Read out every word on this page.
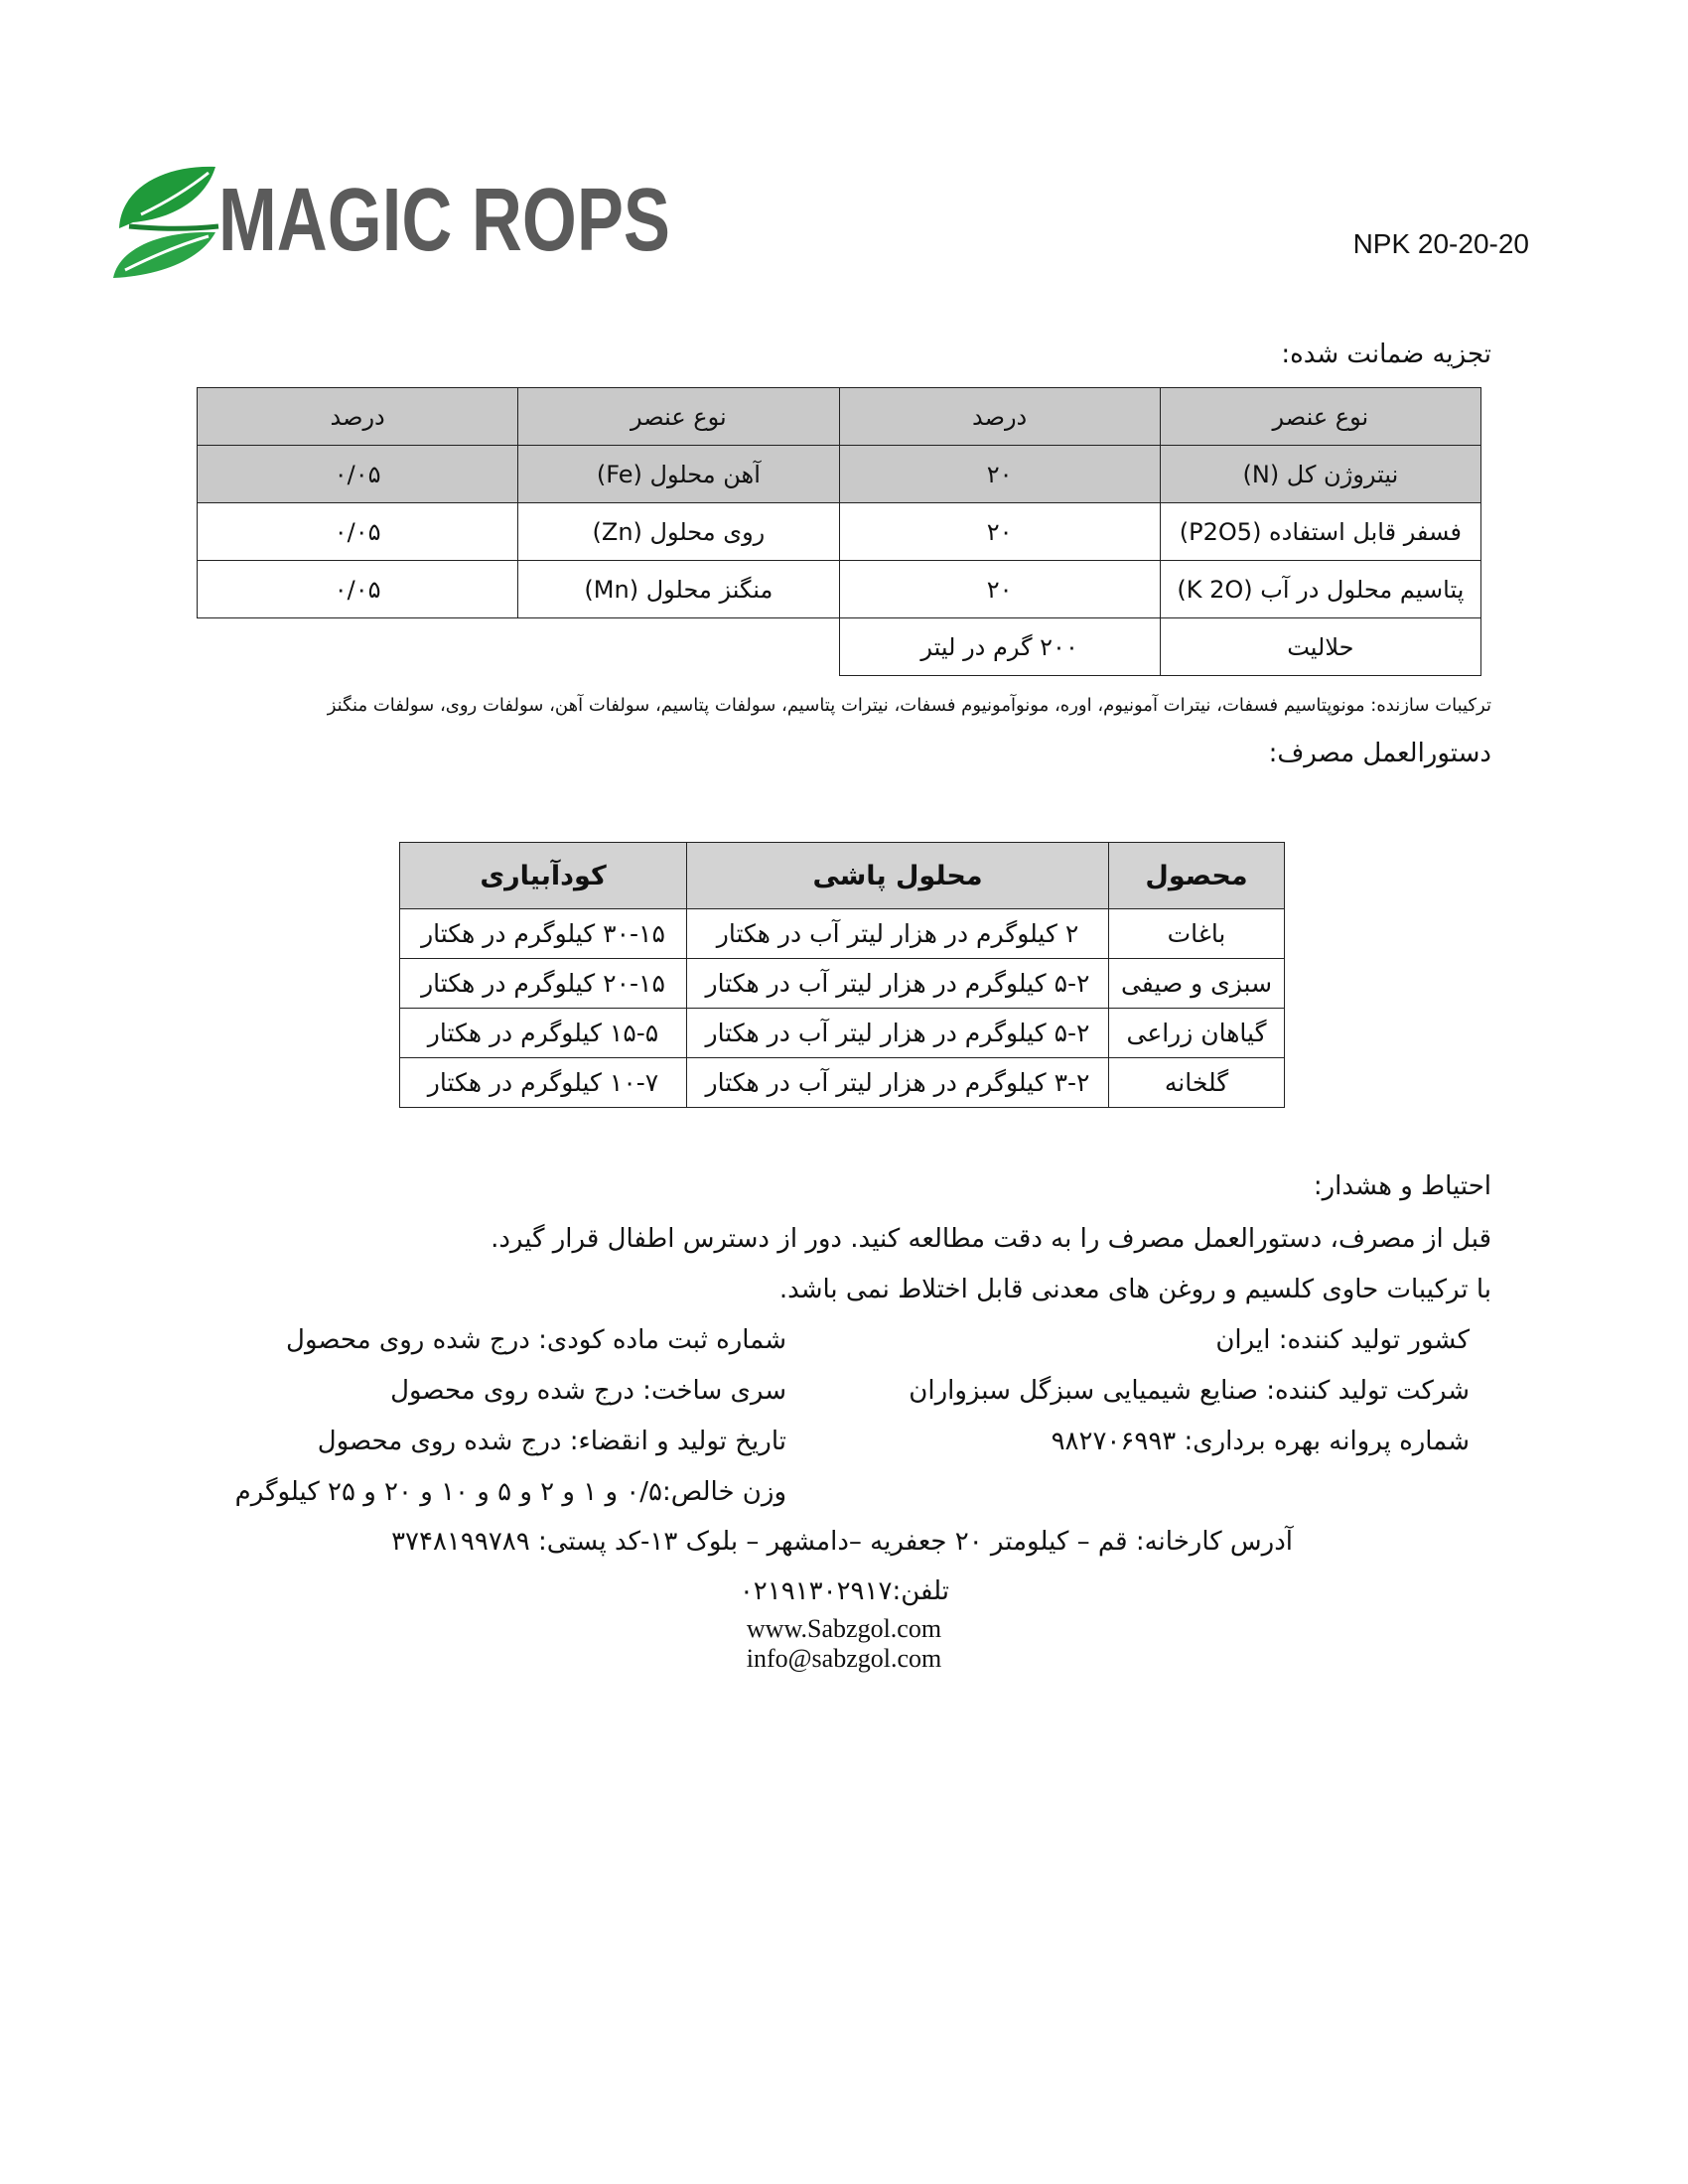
MAGIC ROPS	NPK 20-20-20
تجزیه ضمانت شده:
نوع عنصر	درصد	نوع عنصر	درصد
نیتروژن کل (N)	۲۰	آهن محلول (Fe)	۰/۰۵
فسفر قابل استفاده (P2O5)	۲۰	روی محلول (Zn)	۰/۰۵
پتاسیم محلول در آب (K 2O)	۲۰	منگنز محلول (Mn)	۰/۰۵
حلالیت	۲۰۰ گرم در لیتر		
ترکیبات سازنده: مونوپتاسیم فسفات، نیترات آمونیوم، اوره، مونوآمونیوم فسفات، نیترات پتاسیم، سولفات پتاسیم، سولفات آهن، سولفات روی، سولفات منگنز
دستورالعمل مصرف:
محصول	محلول پاشی	کودآبیاری
باغات	۲ کیلوگرم در هزار لیتر آب در هکتار	۳۰-۱۵ کیلوگرم در هکتار
سبزی و صیفی	۵-۲ کیلوگرم در هزار لیتر آب در هکتار	۲۰-۱۵ کیلوگرم در هکتار
گیاهان زراعی	۵-۲ کیلوگرم در هزار لیتر آب در هکتار	۱۵-۵ کیلوگرم در هکتار
گلخانه	۳-۲ کیلوگرم در هزار لیتر آب در هکتار	۱۰-۷ کیلوگرم در هکتار
احتیاط و هشدار:
قبل از مصرف، دستورالعمل مصرف را به دقت مطالعه کنید. دور از دسترس اطفال قرار گیرد.
با ترکیبات حاوی کلسیم و روغن های معدنی قابل اختلاط نمی باشد.
کشور تولید کننده: ایران
شرکت تولید کننده: صنایع شیمیایی سبزگل سبزواران
شماره پروانه بهره برداری: ۹۸۲۷۰۶۹۹۳
شماره ثبت ماده کودی: درج شده روی محصول
سری ساخت: درج شده روی محصول
تاریخ تولید و انقضاء: درج شده روی محصول
وزن خالص:۰/۵ و ۱ و ۲ و ۵ و ۱۰ و ۲۰ و ۲۵ کیلوگرم
آدرس کارخانه: قم – کیلومتر ۲۰ جعفریه –دامشهر – بلوک ۱۳-کد پستی: ۳۷۴۸۱۹۹۷۸۹
تلفن:۰۲۱۹۱۳۰۲۹۱۷
www.Sabzgol.com
info@sabzgol.com
